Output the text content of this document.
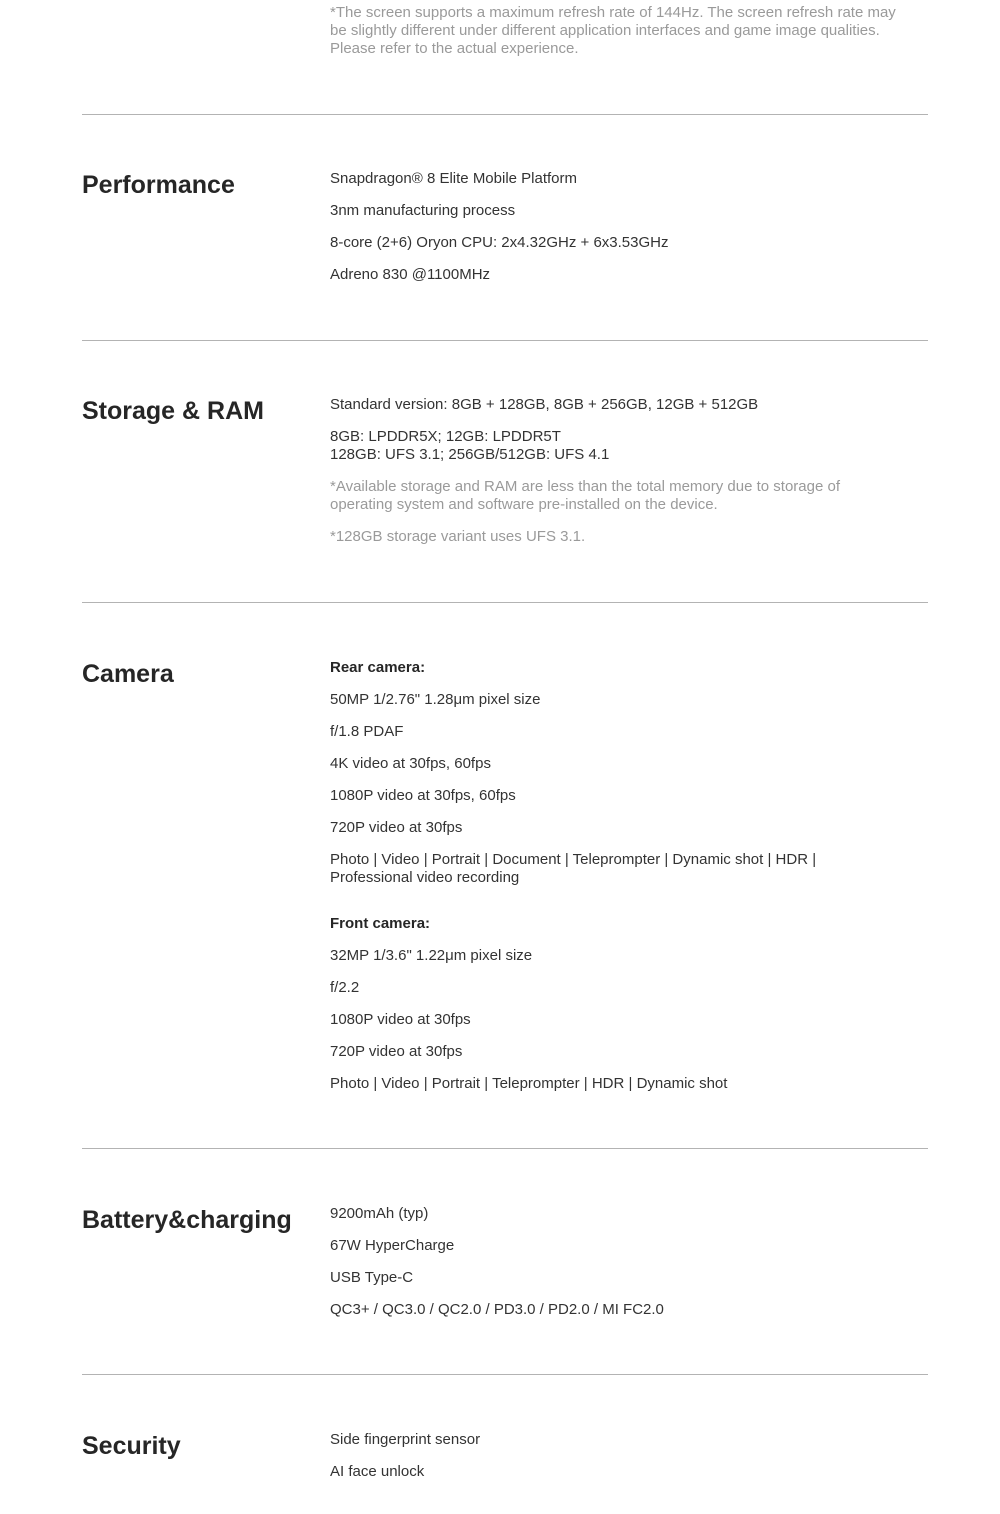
*The screen supports a maximum refresh rate of 144Hz. The screen refresh rate may be slightly different under different application interfaces and game image qualities. Please refer to the actual experience.

Performance	Snapdragon® 8 Elite Mobile Platform

3nm manufacturing process

8-core (2+6) Oryon CPU: 2x4.32GHz + 6x3.53GHz

Adreno 830 @1100MHz

Storage & RAM	Standard version: 8GB + 128GB, 8GB + 256GB, 12GB + 512GB

8GB: LPDDR5X; 12GB: LPDDR5T

128GB: UFS 3.1; 256GB/512GB: UFS 4.1

*Available storage and RAM are less than the total memory due to storage of operating system and software pre-installed on the device.

*128GB storage variant uses UFS 3.1.

Camera	Rear camera:

50MP 1/2.76" 1.28μm pixel size

f/1.8 PDAF

4K video at 30fps, 60fps

1080P video at 30fps, 60fps

720P video at 30fps

Photo | Video | Portrait | Document | Teleprompter | Dynamic shot | HDR | Professional video recording

Front camera:

32MP 1/3.6" 1.22μm pixel size

f/2.2

1080P video at 30fps

720P video at 30fps

Photo | Video | Portrait | Teleprompter | HDR | Dynamic shot

Battery&charging	9200mAh (typ)

67W HyperCharge

USB Type-C

QC3+ / QC3.0 / QC2.0 / PD3.0 / PD2.0 / MI FC2.0

Security	Side fingerprint sensor

AI face unlock
